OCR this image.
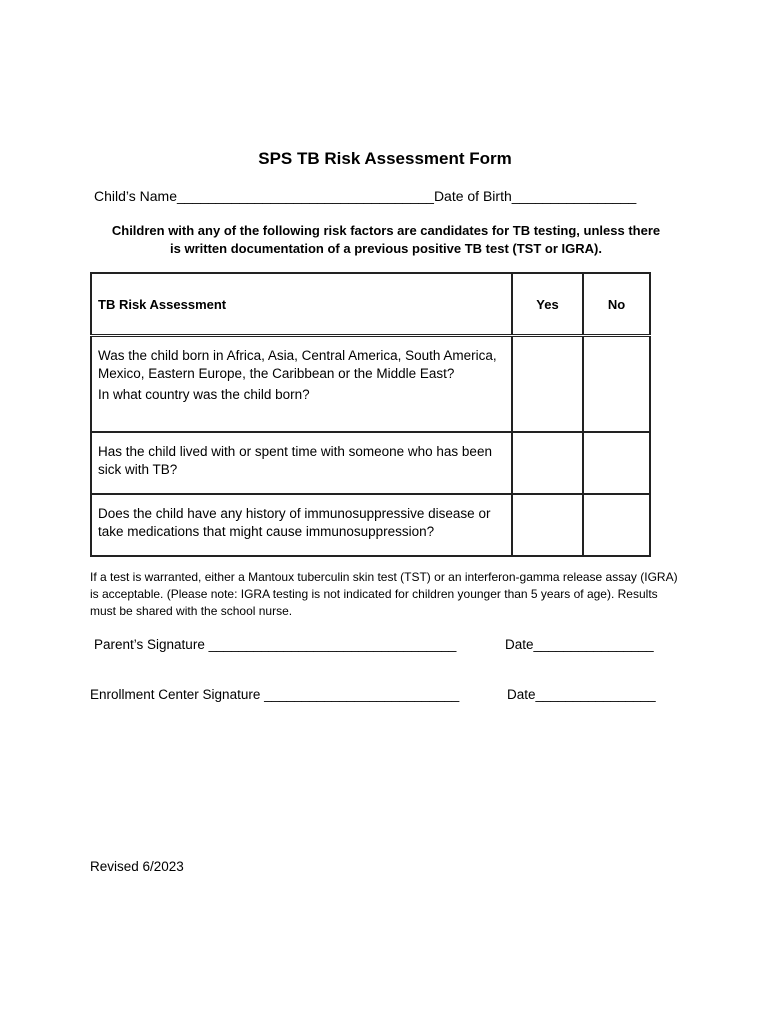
SPS TB Risk Assessment Form
Child’s Name_________________________________Date of Birth________________
Children with any of the following risk factors are candidates for TB testing, unless there
is written documentation of a previous positive TB test (TST or IGRA).
TB Risk Assessment	Yes	No

Was the child born in Africa, Asia, Central America, South America, Mexico, Eastern Europe, the Caribbean or the Middle East?
In what country was the child born?		

Has the child lived with or spent time with someone who has been sick with TB?		

Does the child have any history of immunosuppressive disease or take medications that might cause immunosuppression?		

If a test is warranted, either a Mantoux tuberculin skin test (TST) or an interferon-gamma release assay (IGRA) is acceptable. (Please note: IGRA testing is not indicated for children younger than 5 years of age). Results must be shared with the school nurse.
Parent’s Signature _________________________________	Date________________
Enrollment Center Signature __________________________	Date________________
Revised 6/2023
